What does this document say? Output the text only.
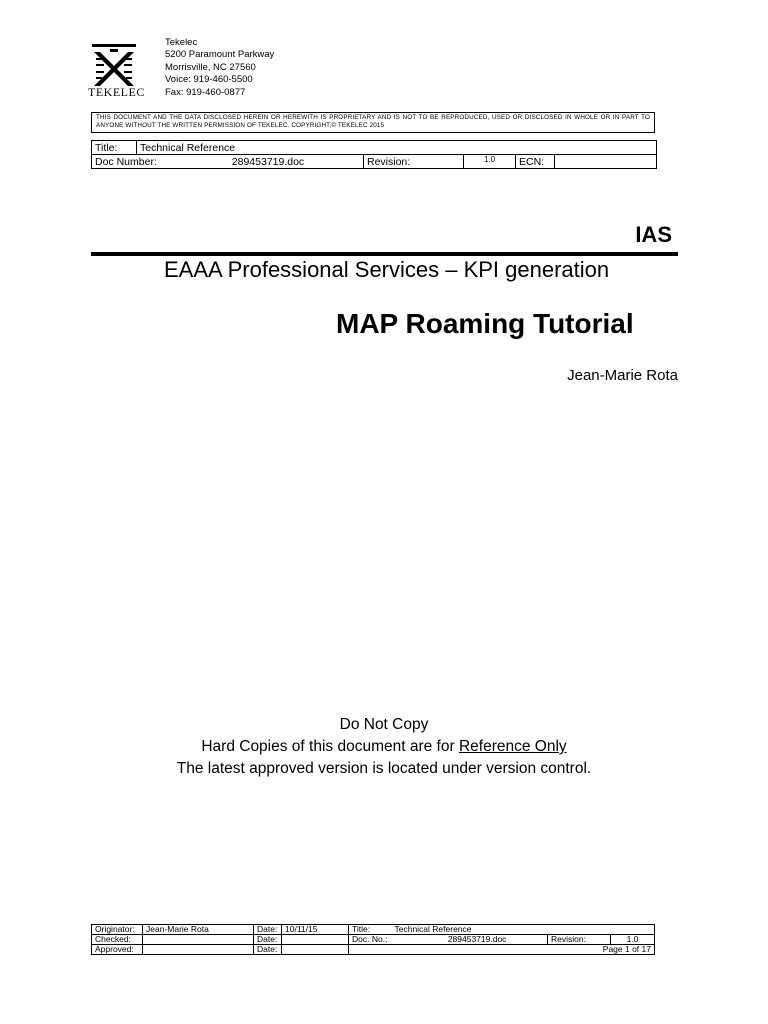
TEKELEC
Tekelec
5200 Paramount Parkway
Morrisville, NC 27560
Voice: 919-460-5500
Fax: 919-460-0877
THIS DOCUMENT AND THE DATA DISCLOSED HEREIN OR HEREWITH IS PROPRIETARY AND IS NOT TO BE REPRODUCED, USED OR DISCLOSED IN WHOLE OR IN PART TO ANYONE WITHOUT THE WRITTEN PERMISSION OF TEKELEC. COPYRIGHT,© TEKELEC 2015
Title:	Technical Reference				
Doc Number: 289453719.doc		Revision:	1.0	ECN:	
IAS
EAAA Professional Services – KPI generation
MAP Roaming Tutorial
Jean-Marie Rota
Do Not Copy
Hard Copies of this document are for Reference Only
The latest approved version is located under version control.
Originator:	Jean-Marie Rota	Date:	10/11/15	Title: Technical Reference		
Checked:		Date:		Doc. No.: 289453719.doc	Revision:	1.0
Approved:		Date:		Page 1 of 17		
